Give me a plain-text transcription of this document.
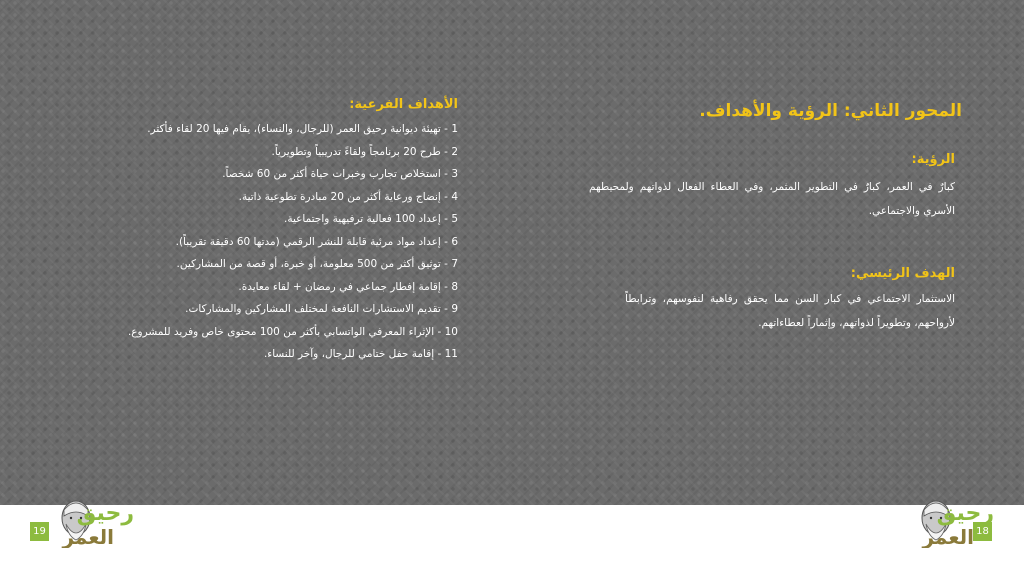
المحور الثاني: الرؤية والأهداف.
الرؤية:

كبارٌ في العمر، كبارٌ في التطوير المثمر، وفي العطاء الفعال لذواتهم ولمحيطهم الأسري والاجتماعي.

الهدف الرئيسي:

الاستثمار الاجتماعي في كبار السن مما يحقق رفاهية لنفوسهم، وترابطاً لأرواحهم، وتطويراً لذواتهم، وإثماراً لعطاءاتهم.

الأهداف الفرعية:
1 - تهيئة ديوانية رحيق العمر (للرجال، والنساء)، يقام فيها 20 لقاء فأكثر.
2 - طرح 20 برنامجاً ولقاءً تدريبياً وتطويرياً.
3 - استخلاص تجارب وخبرات حياة أكثر من 60 شخصاً.
4 - إنضاج ورعاية أكثر من 20 مبادرة تطوعية ذاتية.
5 - إعداد 100 فعالية ترفيهية واجتماعية.
6 - إعداد مواد مرئية قابلة للنشر الرقمي (مدتها 60 دقيقة تقريباً).
7 - توثيق أكثر من 500 معلومة، أو خبرة، أو قصة من المشاركين.
8 - إقامة إفطار جماعي في رمضان + لقاء معايدة.
9 - تقديم الاستشارات النافعة لمختلف المشاركين والمشاركات.
10 - الإثراء المعرفي الواتسابي بأكثر من 100 محتوى خاص وفريد للمشروع.
11 - إقامة حفل ختامي للرجال، وآخر للنساء.
19	18
رحيق
العمر
رحيق
العمر
